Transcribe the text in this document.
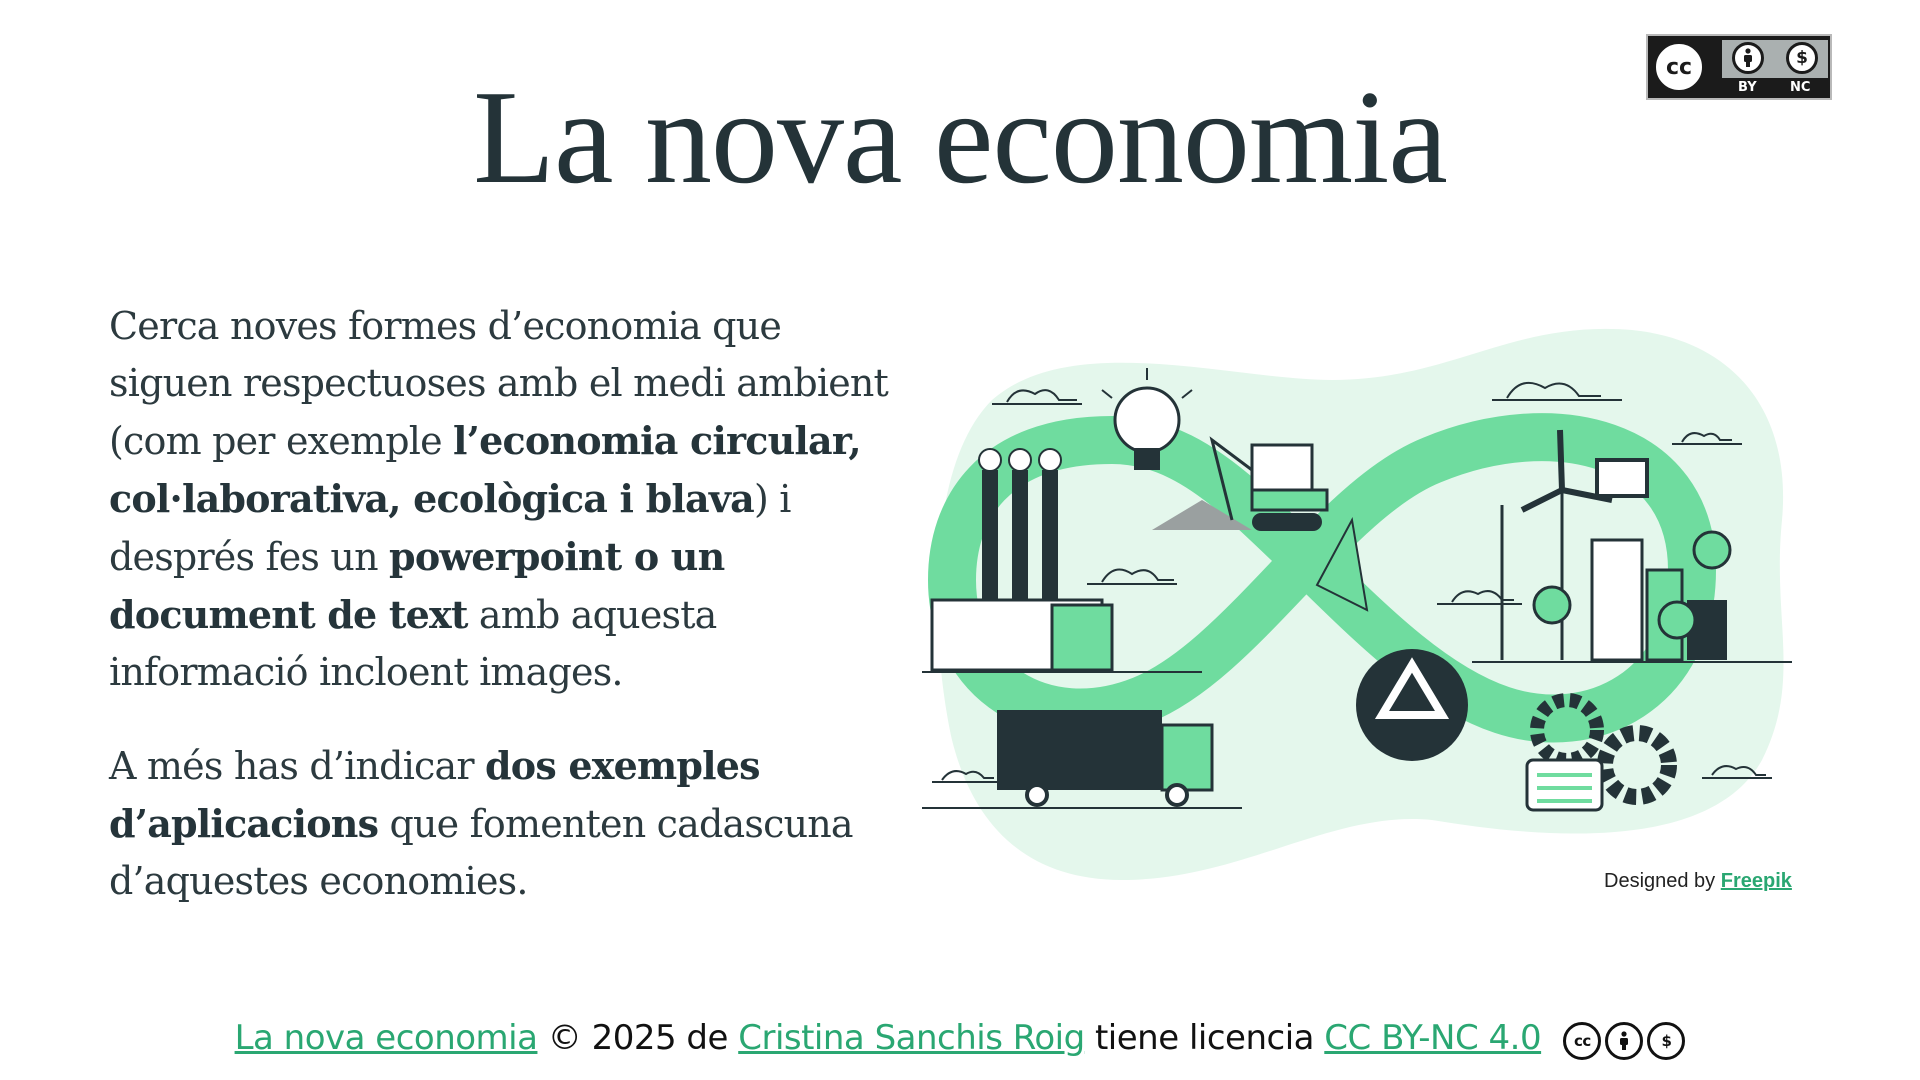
La nova economia	cc	$
BY	NC

Cerca noves formes d’economia que siguen respectuoses amb el medi ambient (com per exemple l’economia circular, col·laborativa, ecològica i blava) i després fes un powerpoint o un document de text amb aquesta informació incloent images.

A més has d’indicar dos exemples d’aplicacions que fomenten cadascuna d’aquestes economies.	Designed by Freepik
La nova economia © 2025 de Cristina Sanchis Roig tiene licencia CC BY-NC 4.0 cc	$
